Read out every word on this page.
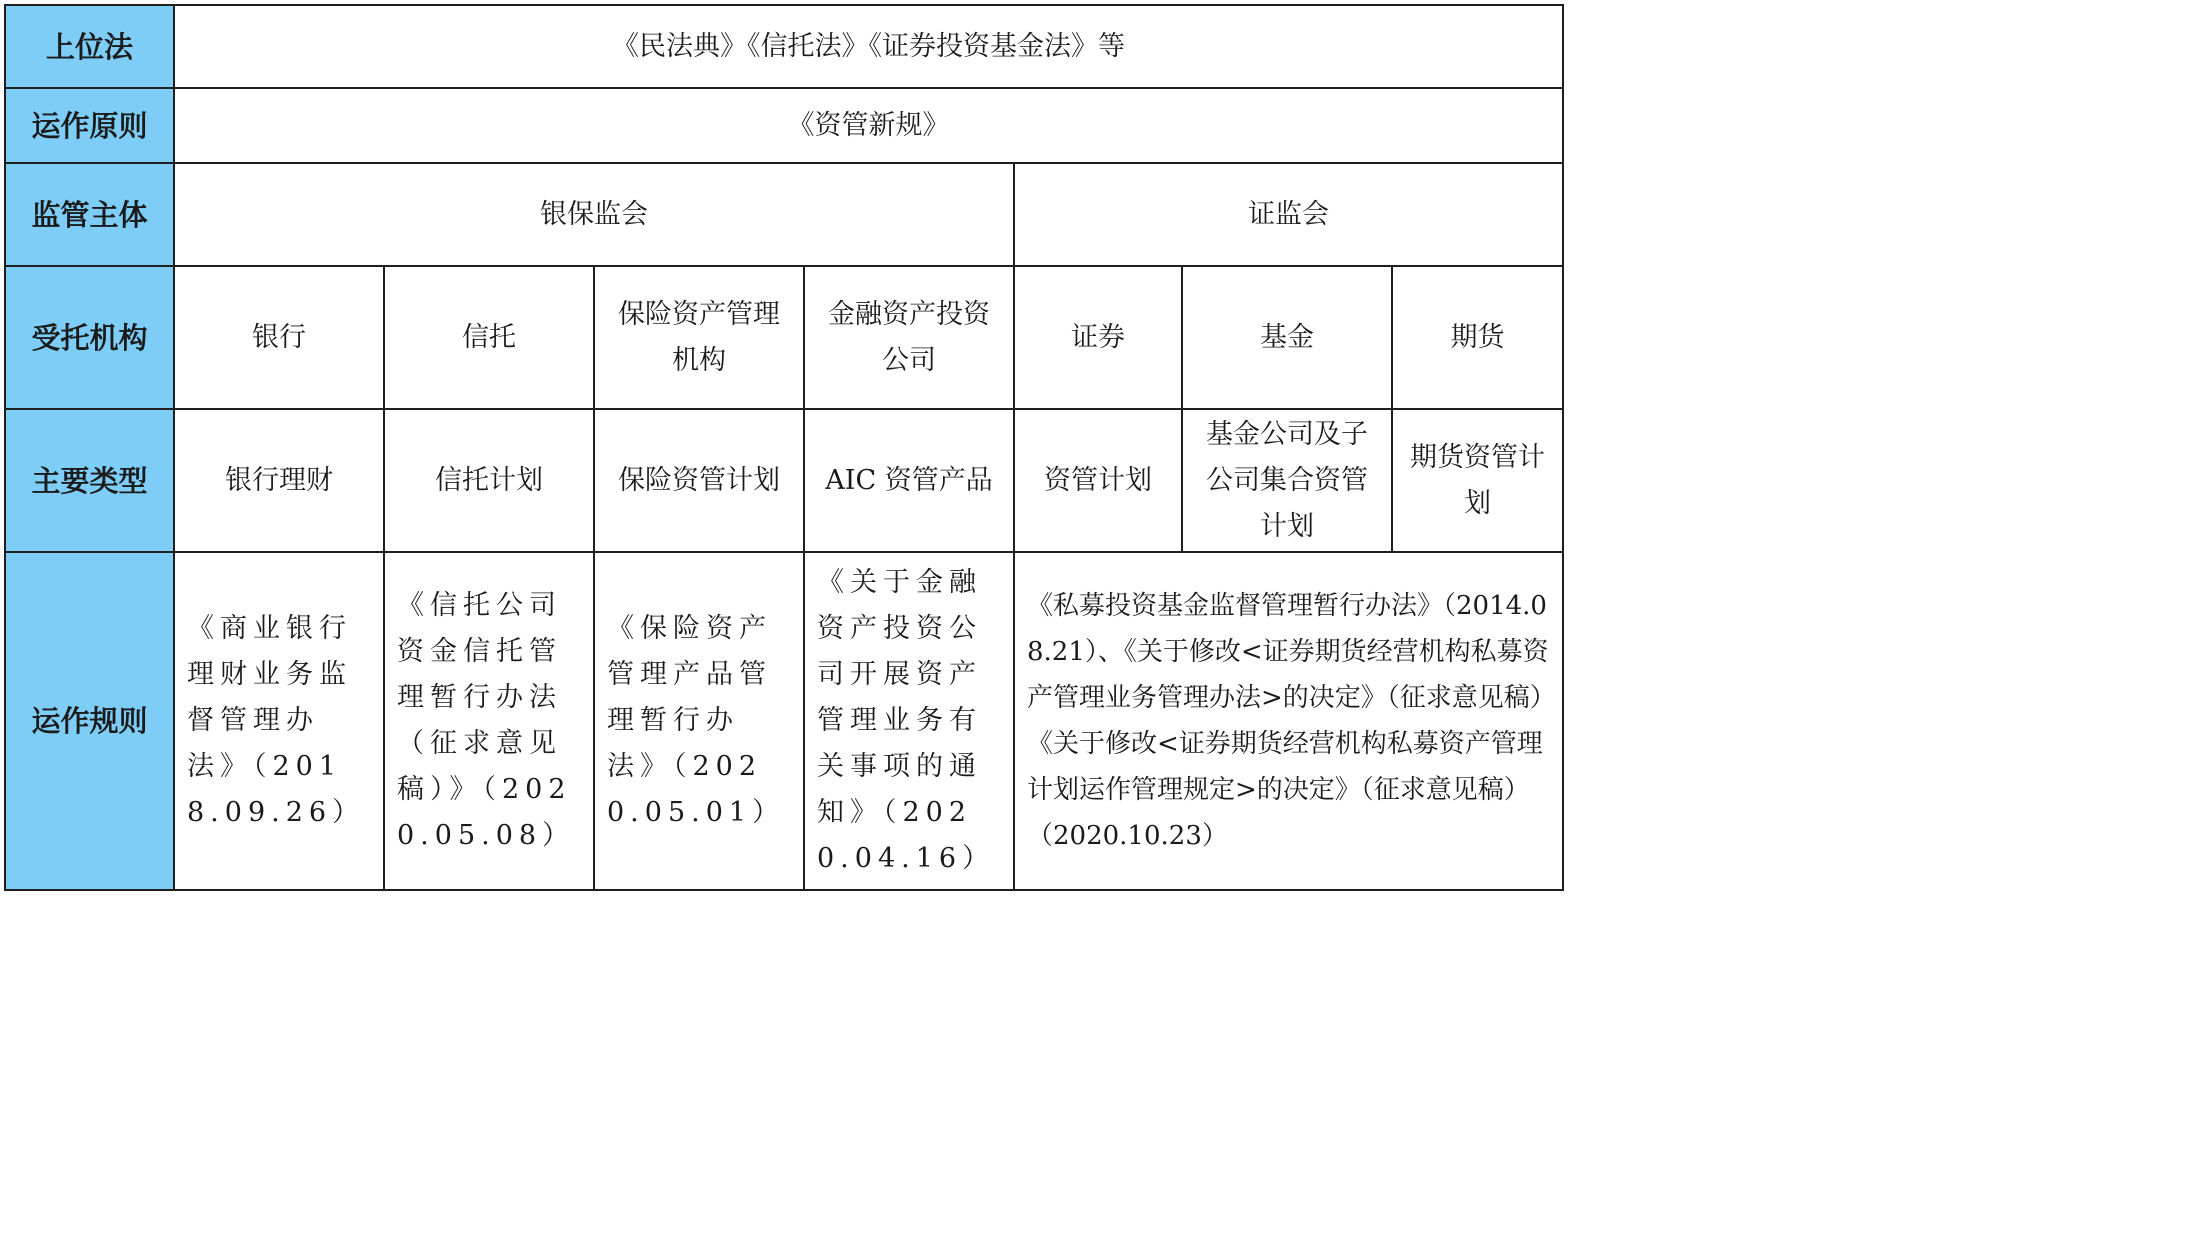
上位法	《民法典》《信托法》《证券投资基金法》等						
运作原则	《资管新规》						
监管主体	银保监会				证监会		
受托机构	银行	信托	保险资产管理机构	金融资产投资公司	证券	基金	期货
主要类型	银行理财	信托计划	保险资管计划	AIC 资管产品	资管计划	基金公司及子公司集合资管计划	期货资管计划
运作规则	《商业银行理财业务监督管理办法》（2018.09.26）	《信托公司资金信托管理暂行办法（征求意见稿）》（2020.05.08）	《保险资产管理产品管理暂行办法》（2020.05.01）	《关于金融资产投资公司开展资产管理业务有关事项的通知》（2020.04.16）	《私募投资基金监督管理暂行办法》（2014.08.21）、《关于修改<证券期货经营机构私募资产管理业务管理办法>的决定》（征求意见稿）《关于修改<证券期货经营机构私募资产管理计划运作管理规定>的决定》（征求意见稿）（2020.10.23）		
